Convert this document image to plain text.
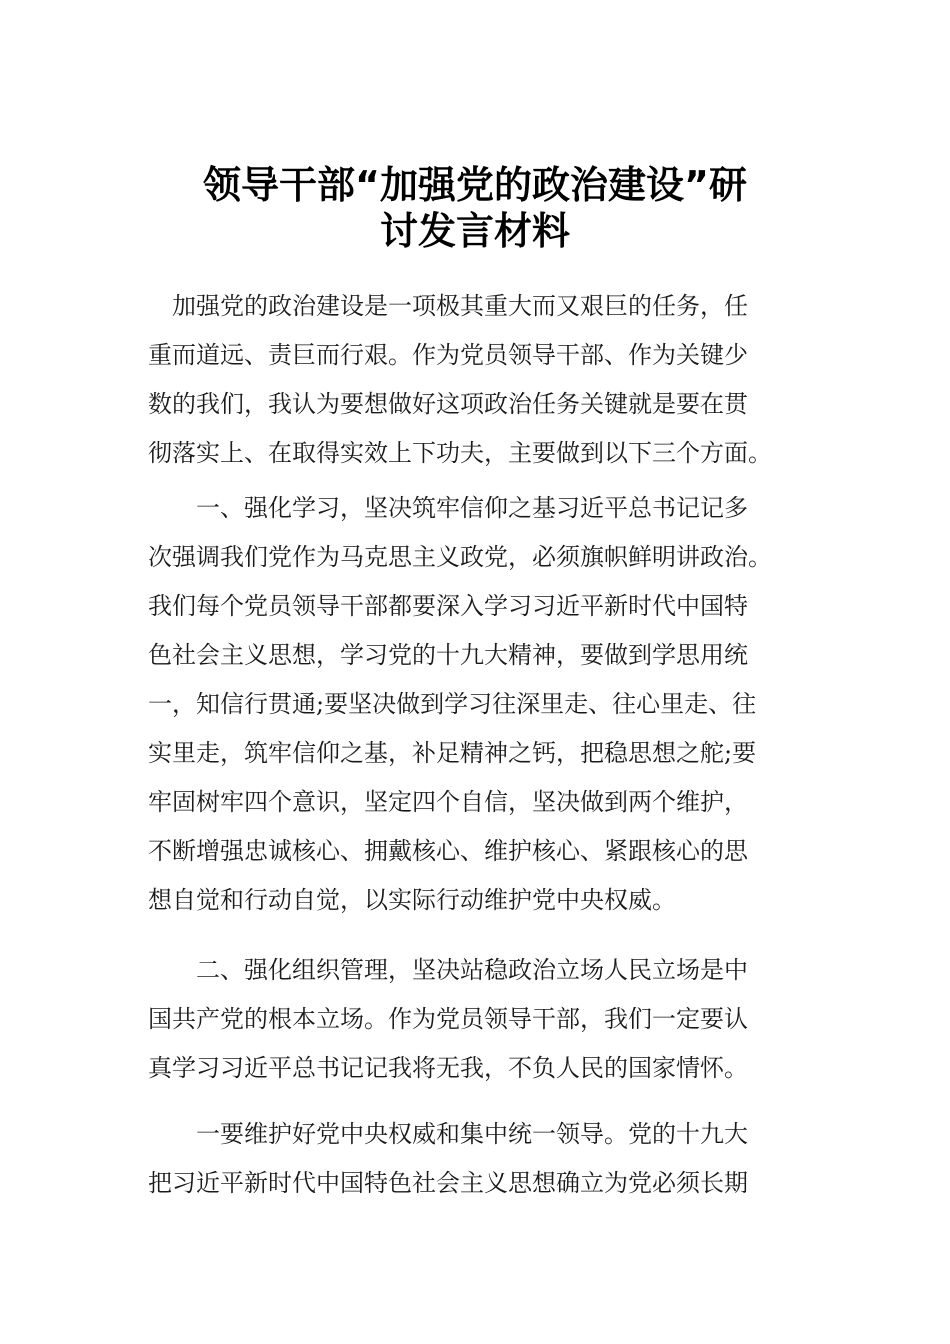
领导干部“加强党的政治建设”研
讨发言材料
加强党的政治建设是一项极其重大而又艰巨的任务，任
重而道远、责巨而行艰。作为党员领导干部、作为关键少
数的我们，我认为要想做好这项政治任务关键就是要在贯
彻落实上、在取得实效上下功夫，主要做到以下三个方面。
一、强化学习，坚决筑牢信仰之基习近平总书记记多
次强调我们党作为马克思主义政党，必须旗帜鲜明讲政治。
我们每个党员领导干部都要深入学习习近平新时代中国特
色社会主义思想，学习党的十九大精神，要做到学思用统
一，知信行贯通;要坚决做到学习往深里走、往心里走、往
实里走，筑牢信仰之基，补足精神之钙，把稳思想之舵;要
牢固树牢四个意识，坚定四个自信，坚决做到两个维护，
不断增强忠诚核心、拥戴核心、维护核心、紧跟核心的思
想自觉和行动自觉，以实际行动维护党中央权威。
二、强化组织管理，坚决站稳政治立场人民立场是中
国共产党的根本立场。作为党员领导干部，我们一定要认
真学习习近平总书记记我将无我，不负人民的国家情怀。
一要维护好党中央权威和集中统一领导。党的十九大
把习近平新时代中国特色社会主义思想确立为党必须长期
